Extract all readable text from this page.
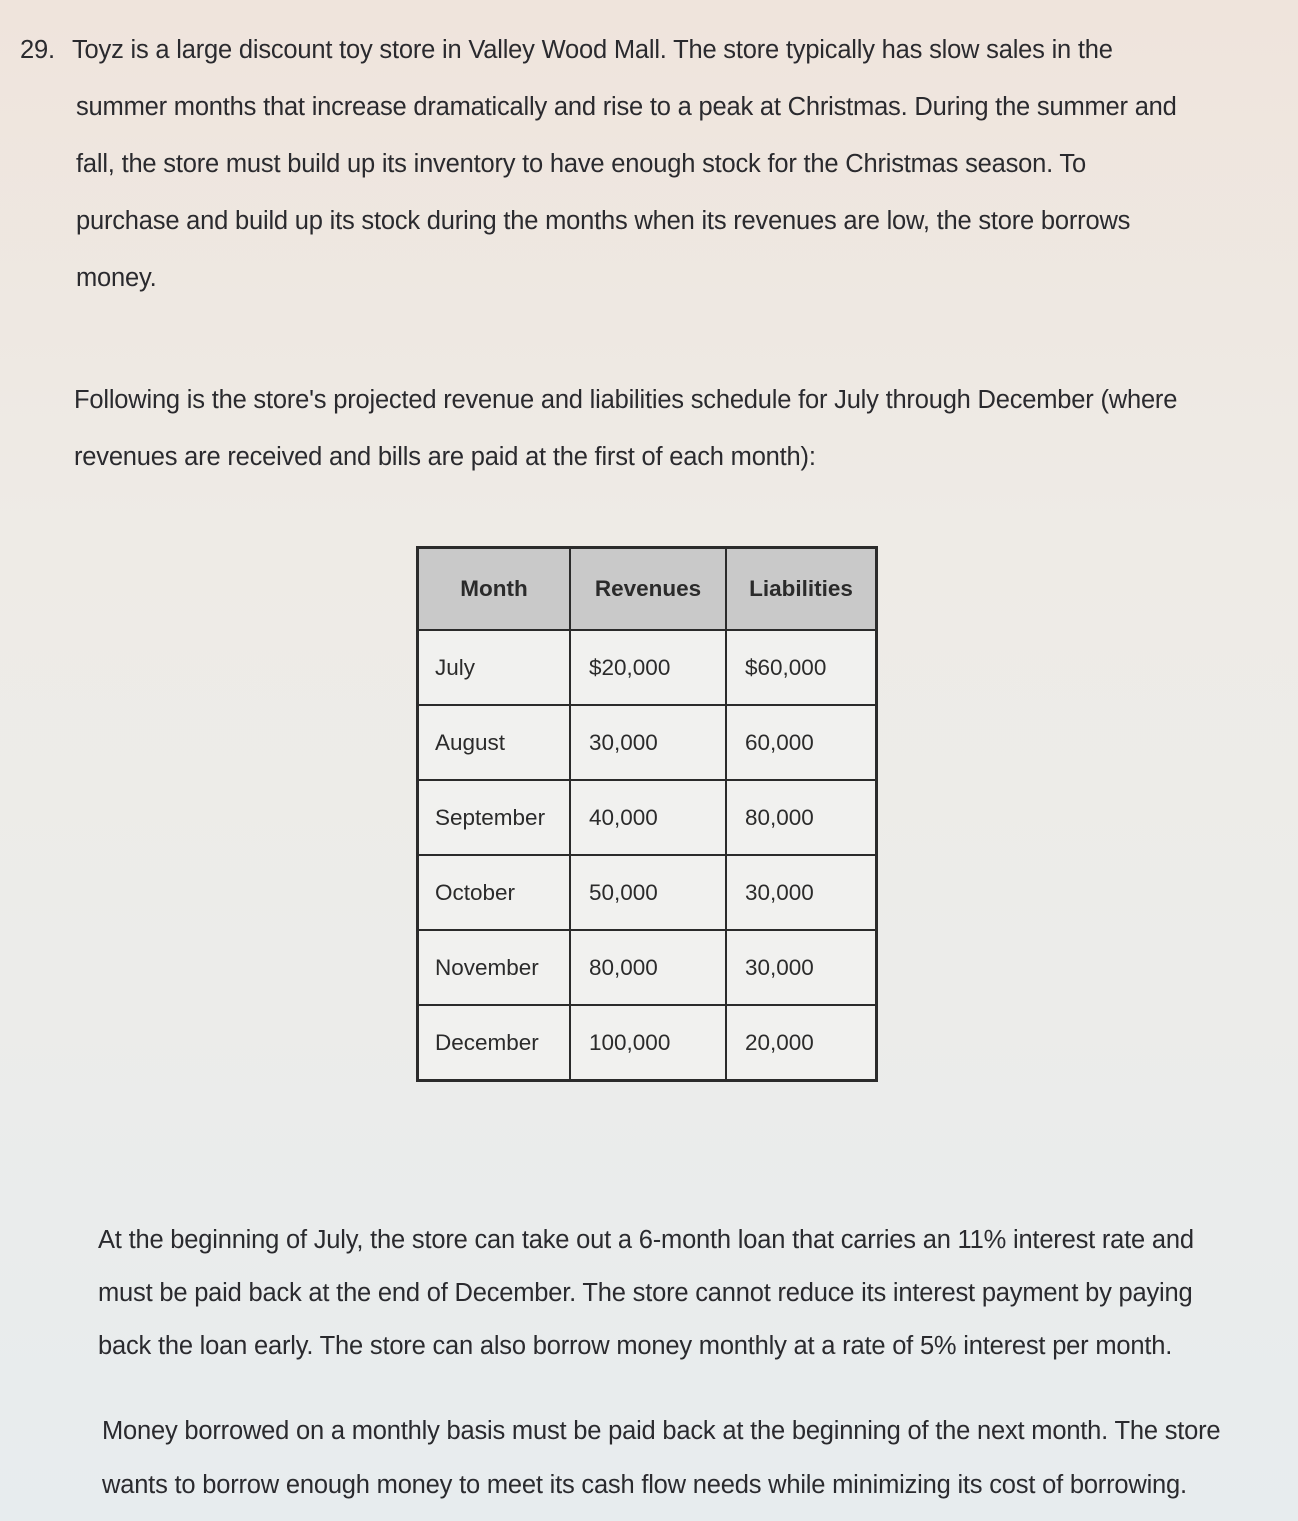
29. Toyz is a large discount toy store in Valley Wood Mall. The store typically has slow sales in the
summer months that increase dramatically and rise to a peak at Christmas. During the summer and
fall, the store must build up its inventory to have enough stock for the Christmas season. To
purchase and build up its stock during the months when its revenues are low, the store borrows
money.
Following is the store's projected revenue and liabilities schedule for July through December (where
revenues are received and bills are paid at the first of each month):
Month	Revenues	Liabilities
July	$20,000	$60,000
August	30,000	60,000
September	40,000	80,000
October	50,000	30,000
November	80,000	30,000
December	100,000	20,000
At the beginning of July, the store can take out a 6-month loan that carries an 11% interest rate and
must be paid back at the end of December. The store cannot reduce its interest payment by paying
back the loan early. The store can also borrow money monthly at a rate of 5% interest per month.
Money borrowed on a monthly basis must be paid back at the beginning of the next month. The store
wants to borrow enough money to meet its cash flow needs while minimizing its cost of borrowing.
